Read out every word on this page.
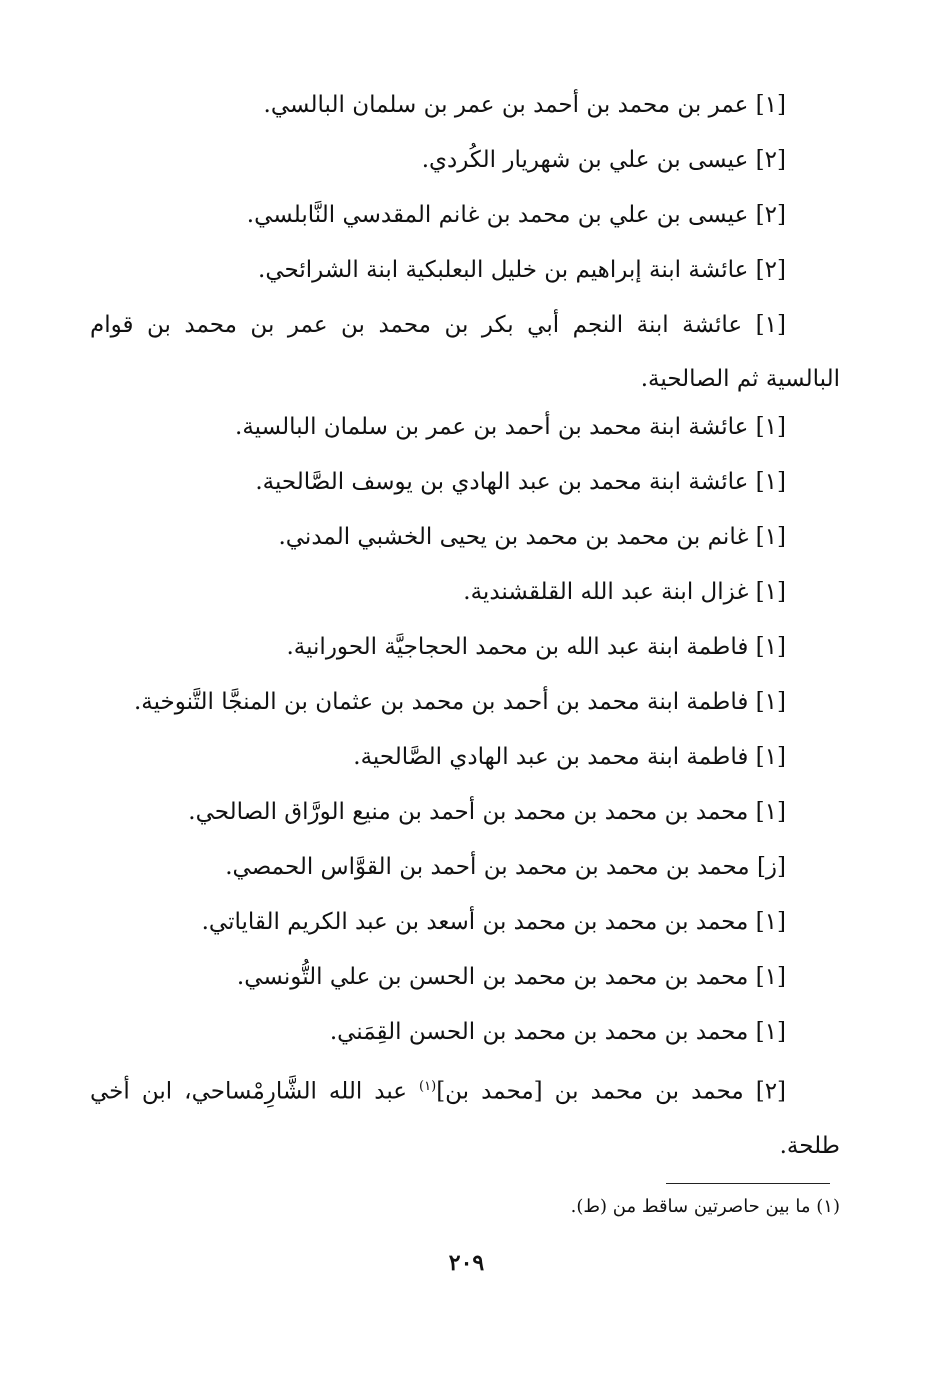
[١] عمر بن محمد بن أحمد بن عمر بن سلمان البالسي.

[٢] عيسى بن علي بن شهريار الكُردي.

[٢] عيسى بن علي بن محمد بن غانم المقدسي النَّابلسي.

[٢] عائشة ابنة إبراهيم بن خليل البعلبكية ابنة الشرائحي.

[١] عائشة ابنة النجم أبي بكر بن محمد بن عمر بن محمد بن قوام البالسية ثم الصالحية.

[١] عائشة ابنة محمد بن أحمد بن عمر بن سلمان البالسية.

[١] عائشة ابنة محمد بن عبد الهادي بن يوسف الصَّالحية.

[١] غانم بن محمد بن محمد بن يحيى الخشبي المدني.

[١] غزال ابنة عبد الله القلقشندية.

[١] فاطمة ابنة عبد الله بن محمد الحجاجيَّة الحورانية.

[١] فاطمة ابنة محمد بن أحمد بن محمد بن عثمان بن المنجَّا التَّنوخية.

[١] فاطمة ابنة محمد بن عبد الهادي الصَّالحية.

[١] محمد بن محمد بن محمد بن أحمد بن منيع الورَّاق الصالحي.

[ز] محمد بن محمد بن محمد بن أحمد بن القوَّاس الحمصي.

[١] محمد بن محمد بن محمد بن أسعد بن عبد الكريم القاياتي.

[١] محمد بن محمد بن محمد بن الحسن بن علي التُّونسي.

[١] محمد بن محمد بن محمد بن الحسن القِمَني.

[٢] محمد بن محمد بن [محمد بن]$^{(١)}$ عبد الله الشَّارِمْساحي، ابن أخي طلحة.

(١) ما بين حاصرتين ساقط من (ط).

٢٠٩
